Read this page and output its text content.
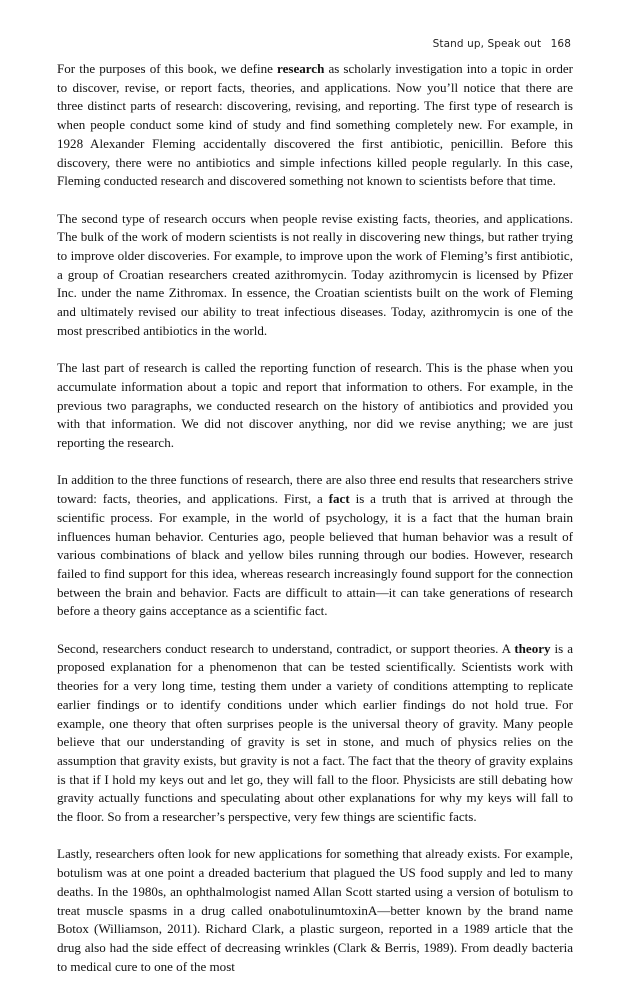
Stand up, Speak out 168

For the purposes of this book, we define research as scholarly investigation into a topic in order to discover, revise, or report facts, theories, and applications. Now you’ll notice that there are three distinct parts of research: discovering, revising, and reporting. The first type of research is when people conduct some kind of study and find something completely new. For example, in 1928 Alexander Fleming accidentally discovered the first antibiotic, penicillin. Before this discovery, there were no antibiotics and simple infections killed people regularly. In this case, Fleming conducted research and discovered something not known to scientists before that time.

The second type of research occurs when people revise existing facts, theories, and applications. The bulk of the work of modern scientists is not really in discovering new things, but rather trying to improve older discoveries. For example, to improve upon the work of Fleming’s first antibiotic, a group of Croatian researchers created azithromycin. Today azithromycin is licensed by Pfizer Inc. under the name Zithromax. In essence, the Croatian scientists built on the work of Fleming and ultimately revised our ability to treat infectious diseases. Today, azithromycin is one of the most prescribed antibiotics in the world.

The last part of research is called the reporting function of research. This is the phase when you accumulate information about a topic and report that information to others. For example, in the previous two paragraphs, we conducted research on the history of antibiotics and provided you with that information. We did not discover anything, nor did we revise anything; we are just reporting the research.

In addition to the three functions of research, there are also three end results that researchers strive toward: facts, theories, and applications. First, a fact is a truth that is arrived at through the scientific process. For example, in the world of psychology, it is a fact that the human brain influences human behavior. Centuries ago, people believed that human behavior was a result of various combinations of black and yellow biles running through our bodies. However, research failed to find support for this idea, whereas research increasingly found support for the connection between the brain and behavior. Facts are difficult to attain—it can take generations of research before a theory gains acceptance as a scientific fact.

Second, researchers conduct research to understand, contradict, or support theories. A theory is a proposed explanation for a phenomenon that can be tested scientifically. Scientists work with theories for a very long time, testing them under a variety of conditions attempting to replicate earlier findings or to identify conditions under which earlier findings do not hold true. For example, one theory that often surprises people is the universal theory of gravity. Many people believe that our understanding of gravity is set in stone, and much of physics relies on the assumption that gravity exists, but gravity is not a fact. The fact that the theory of gravity explains is that if I hold my keys out and let go, they will fall to the floor. Physicists are still debating how gravity actually functions and speculating about other explanations for why my keys will fall to the floor. So from a researcher’s perspective, very few things are scientific facts.

Lastly, researchers often look for new applications for something that already exists. For example, botulism was at one point a dreaded bacterium that plagued the US food supply and led to many deaths. In the 1980s, an ophthalmologist named Allan Scott started using a version of botulism to treat muscle spasms in a drug called onabotulinumtoxinA—better known by the brand name Botox (Williamson, 2011). Richard Clark, a plastic surgeon, reported in a 1989 article that the drug also had the side effect of decreasing wrinkles (Clark & Berris, 1989). From deadly bacteria to medical cure to one of the most
